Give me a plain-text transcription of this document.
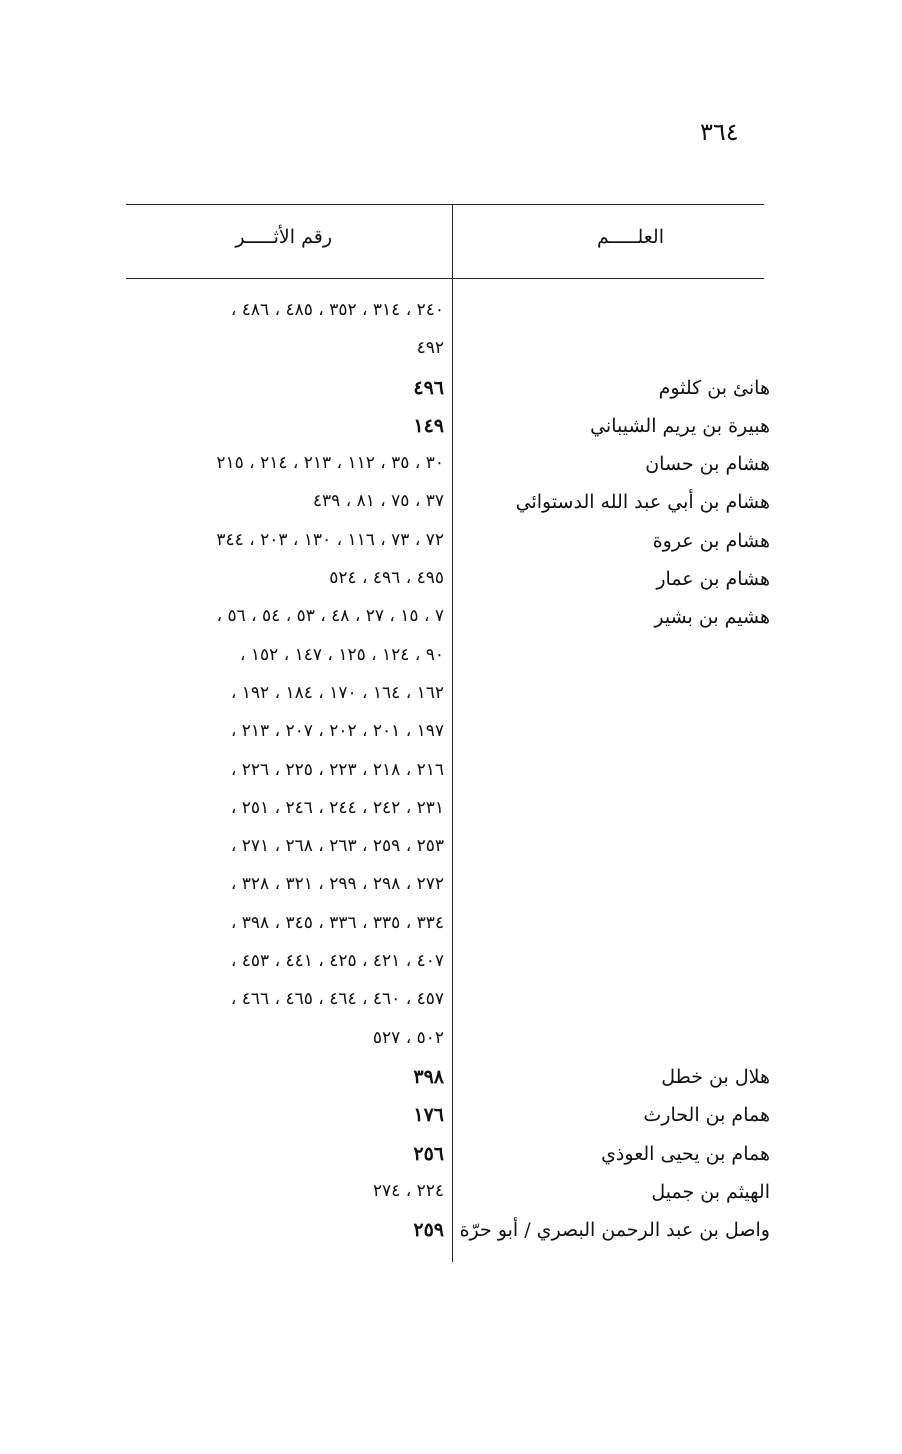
٣٦٤
العلـــــم
رقم الأثـــــر
٢٤٠ ، ٣١٤ ، ٣٥٢ ، ٤٨٥ ، ٤٨٦ ،
٤٩٢
هانئ بن كلثوم
٤٩٦
هبيرة بن يريم الشيباني
١٤٩
هشام بن حسان
٣٠ ، ٣٥ ، ١١٢ ، ٢١٣ ، ٢١٤ ، ٢١٥
هشام بن أبي عبد الله الدستوائي
٣٧ ، ٧٥ ، ٨١ ، ٤٣٩
هشام بن عروة
٧٢ ، ٧٣ ، ١١٦ ، ١٣٠ ، ٢٠٣ ، ٣٤٤
هشام بن عمار
٤٩٥ ، ٤٩٦ ، ٥٢٤
هشيم بن بشير
٧ ، ١٥ ، ٢٧ ، ٤٨ ، ٥٣ ، ٥٤ ، ٥٦ ،
٩٠ ، ١٢٤ ، ١٢٥ ، ١٤٧ ، ١٥٢ ،
١٦٢ ، ١٦٤ ، ١٧٠ ، ١٨٤ ، ١٩٢ ،
١٩٧ ، ٢٠١ ، ٢٠٢ ، ٢٠٧ ، ٢١٣ ،
٢١٦ ، ٢١٨ ، ٢٢٣ ، ٢٢٥ ، ٢٢٦ ،
٢٣١ ، ٢٤٢ ، ٢٤٤ ، ٢٤٦ ، ٢٥١ ،
٢٥٣ ، ٢٥٩ ، ٢٦٣ ، ٢٦٨ ، ٢٧١ ،
٢٧٢ ، ٢٩٨ ، ٢٩٩ ، ٣٢١ ، ٣٢٨ ،
٣٣٤ ، ٣٣٥ ، ٣٣٦ ، ٣٤٥ ، ٣٩٨ ،
٤٠٧ ، ٤٢١ ، ٤٢٥ ، ٤٤١ ، ٤٥٣ ،
٤٥٧ ، ٤٦٠ ، ٤٦٤ ، ٤٦٥ ، ٤٦٦ ،
٥٠٢ ، ٥٢٧
هلال بن خطل
٣٩٨
همام بن الحارث
١٧٦
همام بن يحيى العوذي
٢٥٦
الهيثم بن جميل
٢٢٤ ، ٢٧٤
واصل بن عبد الرحمن البصري / أبو حرّة
٢٥٩
